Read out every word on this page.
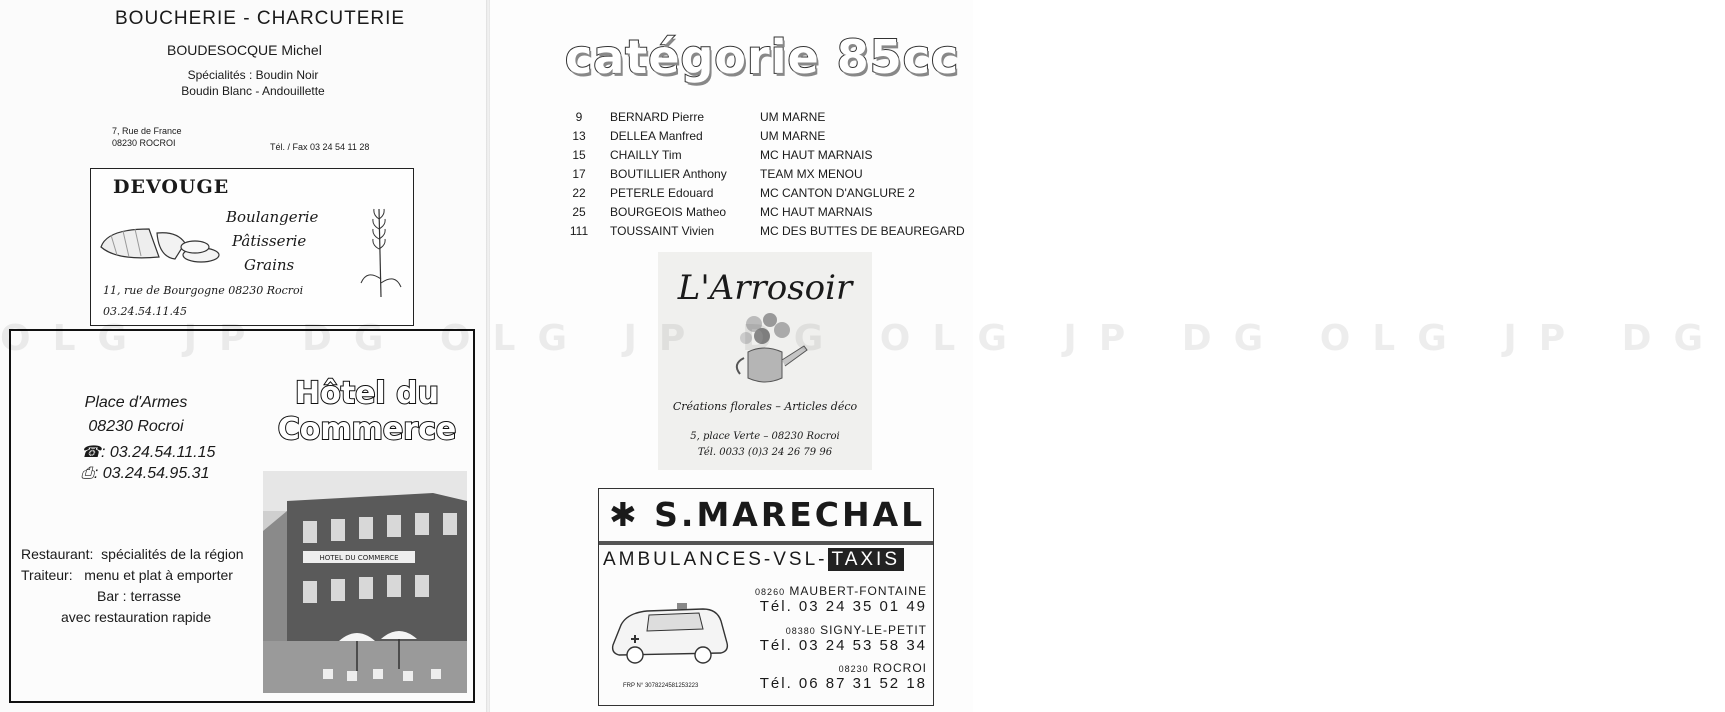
BOUCHERIE - CHARCUTERIE
BOUDESOCQUE Michel
Spécialités : Boudin Noir
Boudin Blanc - Andouillette
7, Rue de France
08230 ROCROI	Tél. / Fax 03 24 54 11 28
DEVOUGE
Boulangerie
Pâtisserie
Grains
11, rue de Bourgogne 08230 Rocroi
03.24.54.11.45
Place d'Armes
08230 Rocroi
☎: 03.24.54.11.15
⎙: 03.24.54.95.31
Hôtel du
Commerce
HOTEL DU COMMERCE
Restaurant: spécialités de la région
Traiteur: menu et plat à emporter
Bar : terrasse
avec restauration rapide
catégorie 85cc
9	BERNARD Pierre	UM MARNE
13	DELLEA Manfred	UM MARNE
15	CHAILLY Tim	MC HAUT MARNAIS
17	BOUTILLIER Anthony	TEAM MX MENOU
22	PETERLE Edouard	MC CANTON D'ANGLURE 2
25	BOURGEOIS Matheo	MC HAUT MARNAIS
111	TOUSSAINT Vivien	MC DES BUTTES DE BEAUREGARD
L'Arrosoir
Créations florales – Articles déco
5, place Verte – 08230 Rocroi
Tél. 0033 (0)3 24 26 79 96
✱ S.MARECHAL
AMBULANCES-VSL- TAXIS
08260 MAUBERT-FONTAINE
Tél. 03 24 35 01 49
08380 SIGNY-LE-PETIT
Tél. 03 24 53 58 34
08230 ROCROI
Tél. 06 87 31 52 18
FRP N° 3078224581253223
OLG JP DG OLG JP DG OLG JP DG OLG JP DG
